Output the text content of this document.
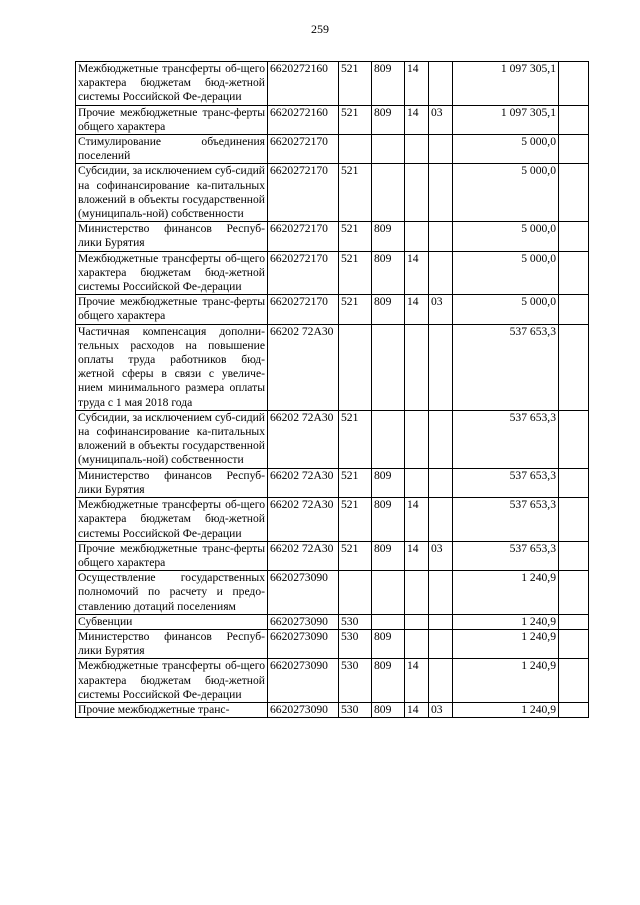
259
Межбюджетные трансферты об-щего характера бюджетам бюд-жетной системы Российской Фе-дерации	6620272160	521	809	14		1 097 305,1	
Прочие межбюджетные транс-ферты общего характера	6620272160	521	809	14	03	1 097 305,1	
Стимулирование объединения поселений	6620272170					5 000,0	
Субсидии, за исключением суб-сидий на софинансирование ка-питальных вложений в объекты государственной (муниципаль-ной) собственности	6620272170	521				5 000,0	
Министерство финансов Респуб-лики Бурятия	6620272170	521	809			5 000,0	
Межбюджетные трансферты об-щего характера бюджетам бюд-жетной системы Российской Фе-дерации	6620272170	521	809	14		5 000,0	
Прочие межбюджетные транс-ферты общего характера	6620272170	521	809	14	03	5 000,0	
Частичная компенсация дополни-тельных расходов на повышение оплаты труда работников бюд-жетной сферы в связи с увеличе-нием минимального размера оплаты труда с 1 мая 2018 года	66202 72А30					537 653,3	
Субсидии, за исключением суб-сидий на софинансирование ка-питальных вложений в объекты государственной (муниципаль-ной) собственности	66202 72А30	521				537 653,3	
Министерство финансов Респуб-лики Бурятия	66202 72А30	521	809			537 653,3	
Межбюджетные трансферты об-щего характера бюджетам бюд-жетной системы Российской Фе-дерации	66202 72А30	521	809	14		537 653,3	
Прочие межбюджетные транс-ферты общего характера	66202 72А30	521	809	14	03	537 653,3	
Осуществление государственных полномочий по расчету и предо-ставлению дотаций поселениям	6620273090					1 240,9	
Субвенции	6620273090	530				1 240,9	
Министерство финансов Респуб-лики Бурятия	6620273090	530	809			1 240,9	
Межбюджетные трансферты об-щего характера бюджетам бюд-жетной системы Российской Фе-дерации	6620273090	530	809	14		1 240,9	
Прочие межбюджетные транс-	6620273090	530	809	14	03	1 240,9	
